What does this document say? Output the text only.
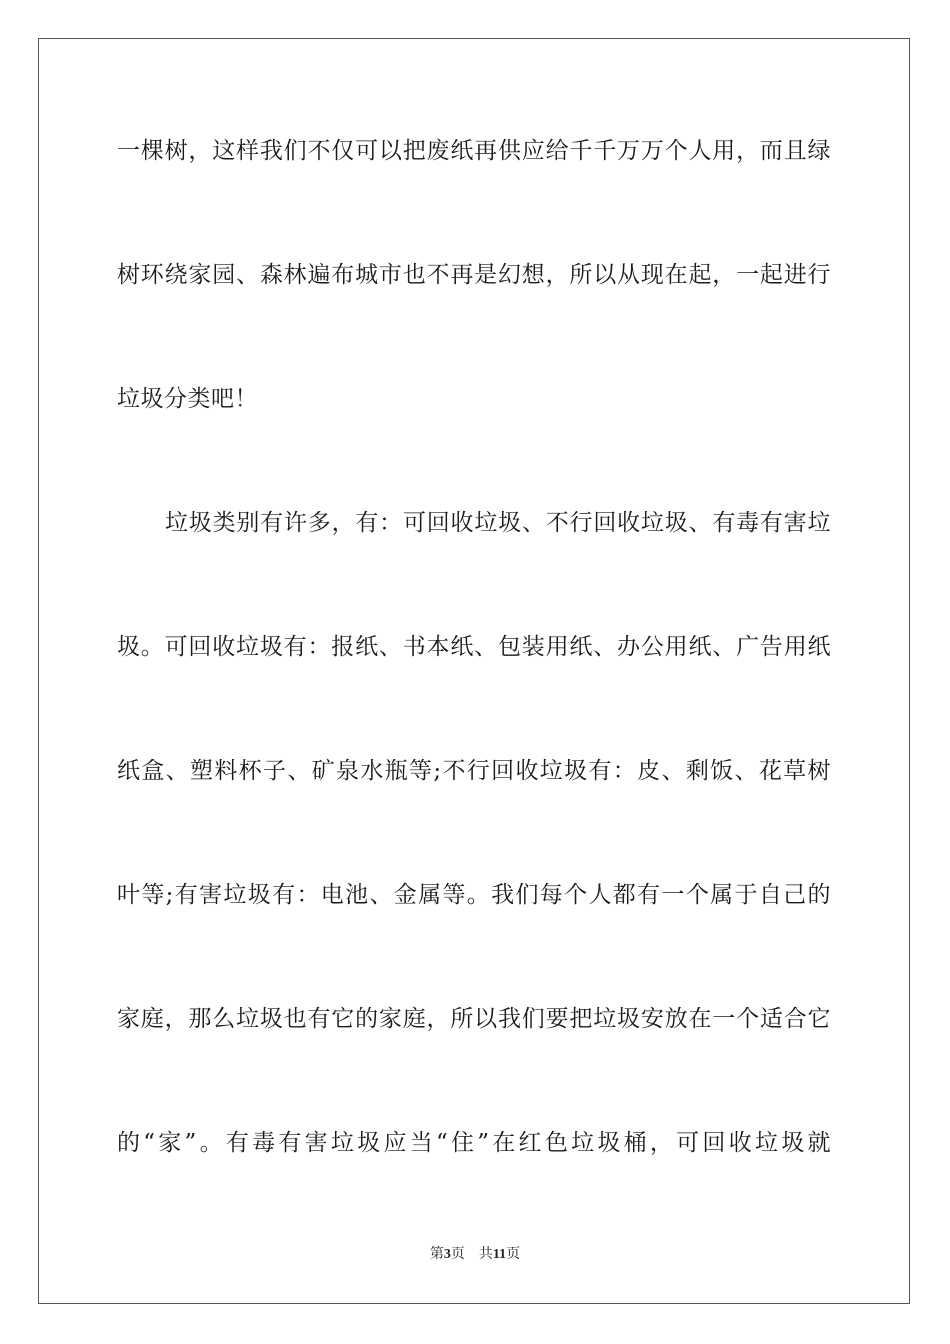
一棵树，这样我们不仅可以把废纸再供应给千千万万个人用，而且绿
树环绕家园、森林遍布城市也不再是幻想，所以从现在起，一起进行
垃圾分类吧！
垃圾类别有许多，有：可回收垃圾、不行回收垃圾、有毒有害垃
圾。可回收垃圾有：报纸、书本纸、包装用纸、办公用纸、广告用纸
纸盒、塑料杯子、矿泉水瓶等;不行回收垃圾有：皮、剩饭、花草树
叶等;有害垃圾有：电池、金属等。我们每个人都有一个属于自己的
家庭，那么垃圾也有它的家庭，所以我们要把垃圾安放在一个适合它
的“家”。有毒有害垃圾应当“住”在红色垃圾桶，可回收垃圾就
第3页 共11页
